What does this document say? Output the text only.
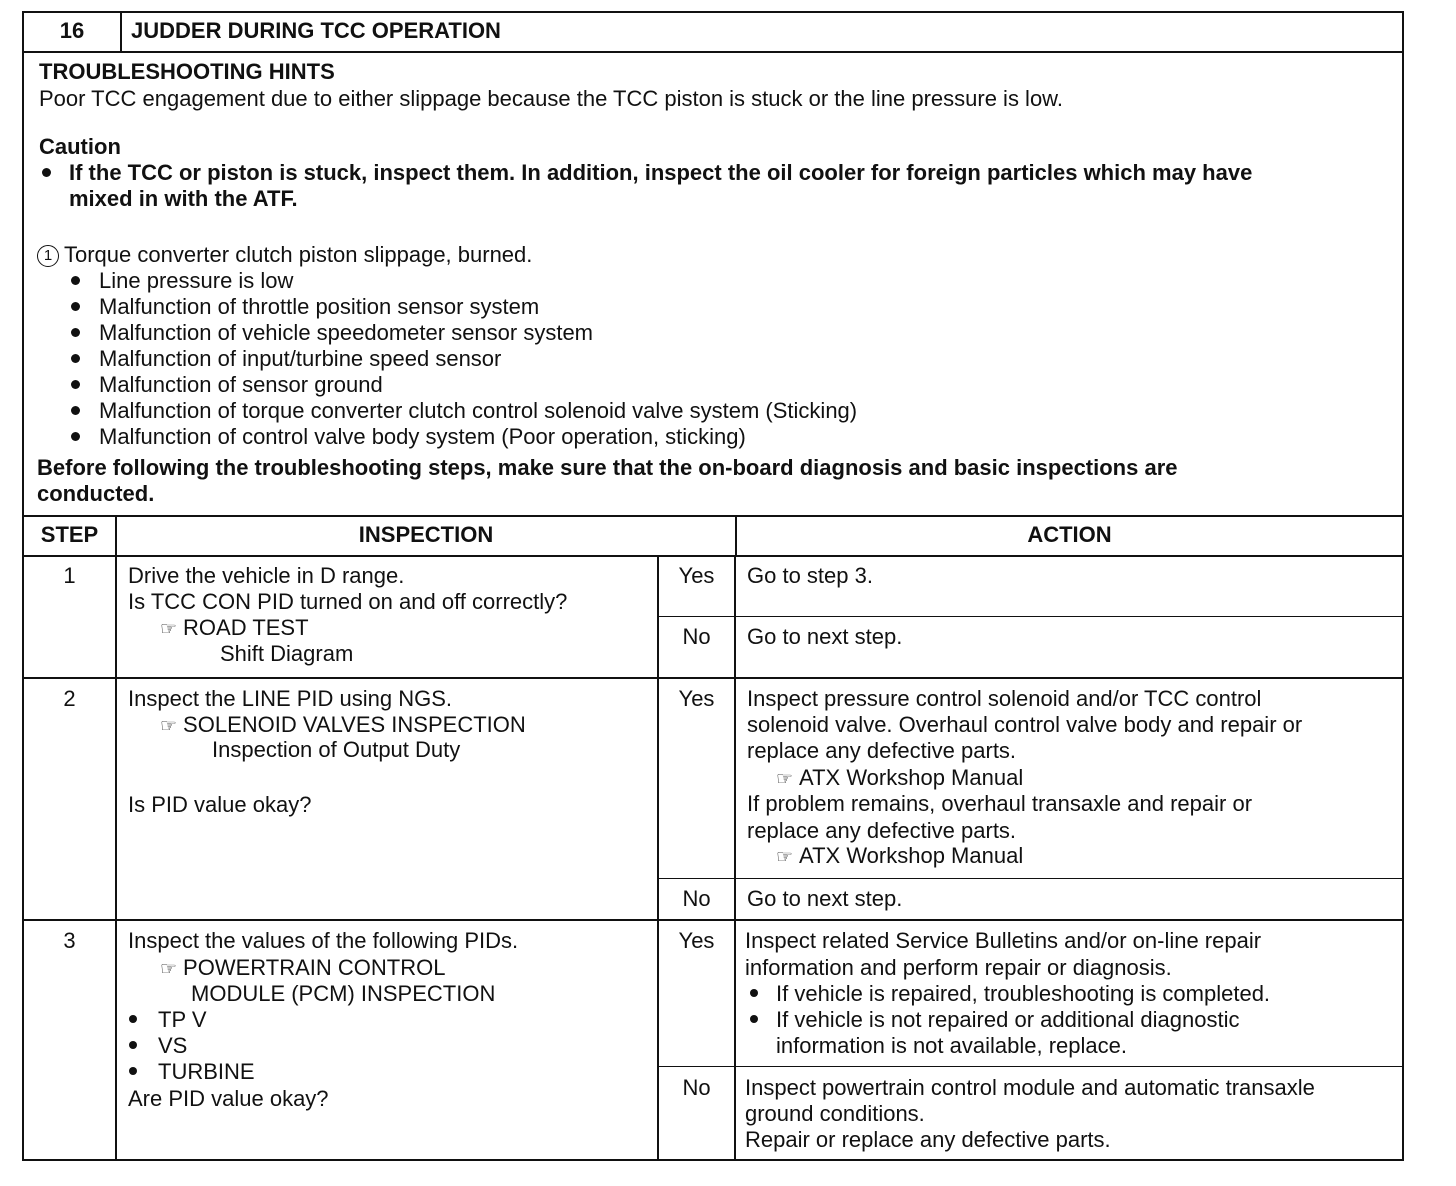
16	JUDDER DURING TCC OPERATION
TROUBLESHOOTING HINTS
Poor TCC engagement due to either slippage because the TCC piston is stuck or the line pressure is low.
Caution
If the TCC or piston is stuck, inspect them. In addition, inspect the oil cooler for foreign particles which may have
mixed in with the ATF.
1 Torque converter clutch piston slippage, burned.
Line pressure is low
Malfunction of throttle position sensor system
Malfunction of vehicle speedometer sensor system
Malfunction of input/turbine speed sensor
Malfunction of sensor ground
Malfunction of torque converter clutch control solenoid valve system (Sticking)
Malfunction of control valve body system (Poor operation, sticking)
Before following the troubleshooting steps, make sure that the on-board diagnosis and basic inspections are
conducted.
STEP	INSPECTION	ACTION
1	Drive the vehicle in D range.
Is TCC CON PID turned on and off correctly?
☞ ROAD TEST
Shift Diagram
Yes	Go to step 3.
No	Go to next step.
2	Inspect the LINE PID using NGS.
☞ SOLENOID VALVES INSPECTION
Inspection of Output Duty
Is PID value okay?
Yes	Inspect pressure control solenoid and/or TCC control
solenoid valve. Overhaul control valve body and repair or
replace any defective parts.
☞ ATX Workshop Manual
If problem remains, overhaul transaxle and repair or
replace any defective parts.
☞ ATX Workshop Manual
No	Go to next step.
3	Inspect the values of the following PIDs.
☞ POWERTRAIN CONTROL
MODULE (PCM) INSPECTION
TP V
VS
TURBINE
Are PID value okay?
Yes	Inspect related Service Bulletins and/or on-line repair
information and perform repair or diagnosis.
If vehicle is repaired, troubleshooting is completed.
If vehicle is not repaired or additional diagnostic
information is not available, replace.
No	Inspect powertrain control module and automatic transaxle
ground conditions.
Repair or replace any defective parts.
